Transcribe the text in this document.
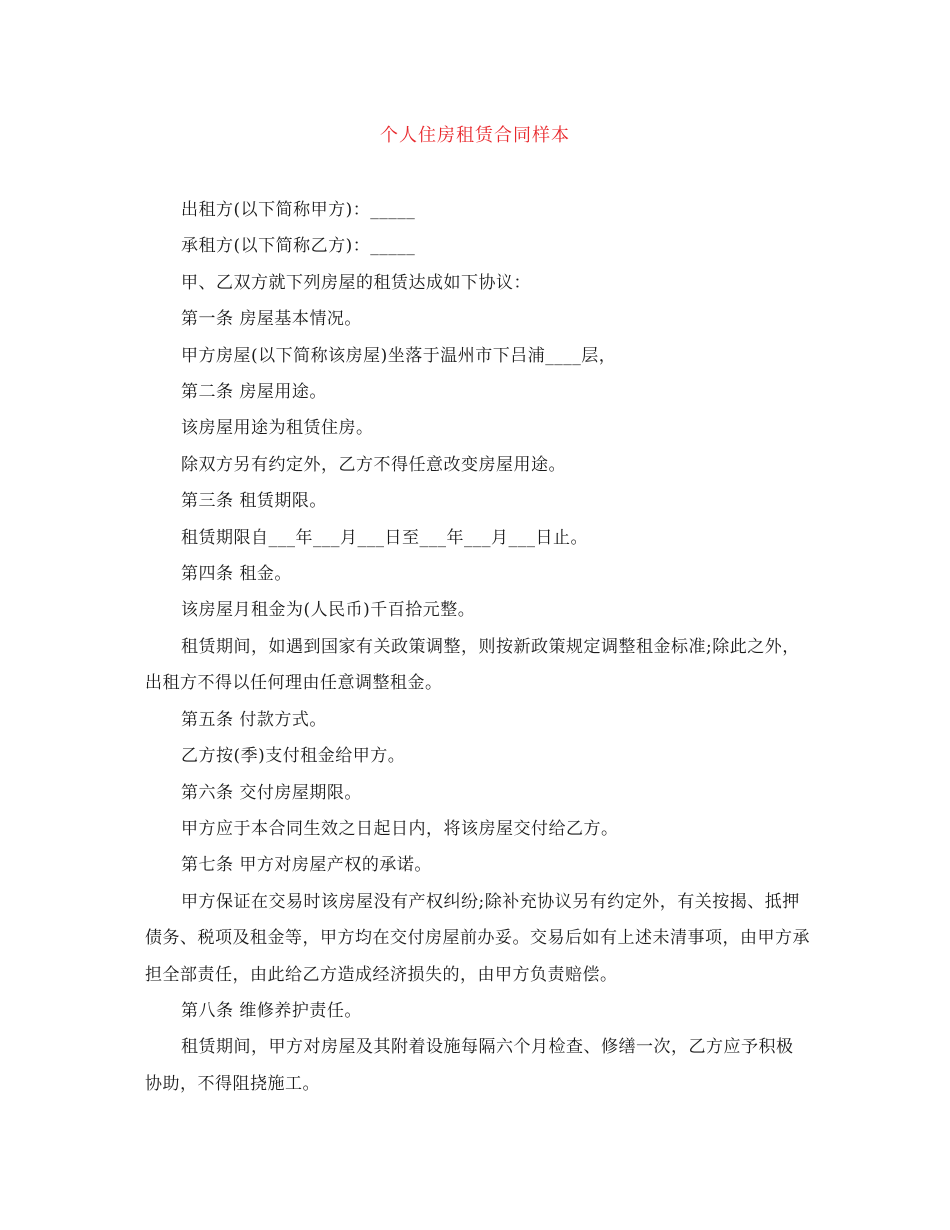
个人住房租赁合同样本

出租方(以下简称甲方)：_____

承租方(以下简称乙方)：_____

甲、乙双方就下列房屋的租赁达成如下协议：

第一条 房屋基本情况。

甲方房屋(以下简称该房屋)坐落于温州市下吕浦____层，

第二条 房屋用途。

该房屋用途为租赁住房。

除双方另有约定外，乙方不得任意改变房屋用途。

第三条 租赁期限。

租赁期限自___年___月___日至___年___月___日止。

第四条 租金。

该房屋月租金为(人民币)千百拾元整。

租赁期间，如遇到国家有关政策调整，则按新政策规定调整租金标准;除此之外，出租方不得以任何理由任意调整租金。

第五条 付款方式。

乙方按(季)支付租金给甲方。

第六条 交付房屋期限。

甲方应于本合同生效之日起日内，将该房屋交付给乙方。

第七条 甲方对房屋产权的承诺。

甲方保证在交易时该房屋没有产权纠纷;除补充协议另有约定外，有关按揭、抵押债务、税项及租金等，甲方均在交付房屋前办妥。交易后如有上述未清事项，由甲方承担全部责任，由此给乙方造成经济损失的，由甲方负责赔偿。

第八条 维修养护责任。

租赁期间，甲方对房屋及其附着设施每隔六个月检查、修缮一次，乙方应予积极协助，不得阻挠施工。
